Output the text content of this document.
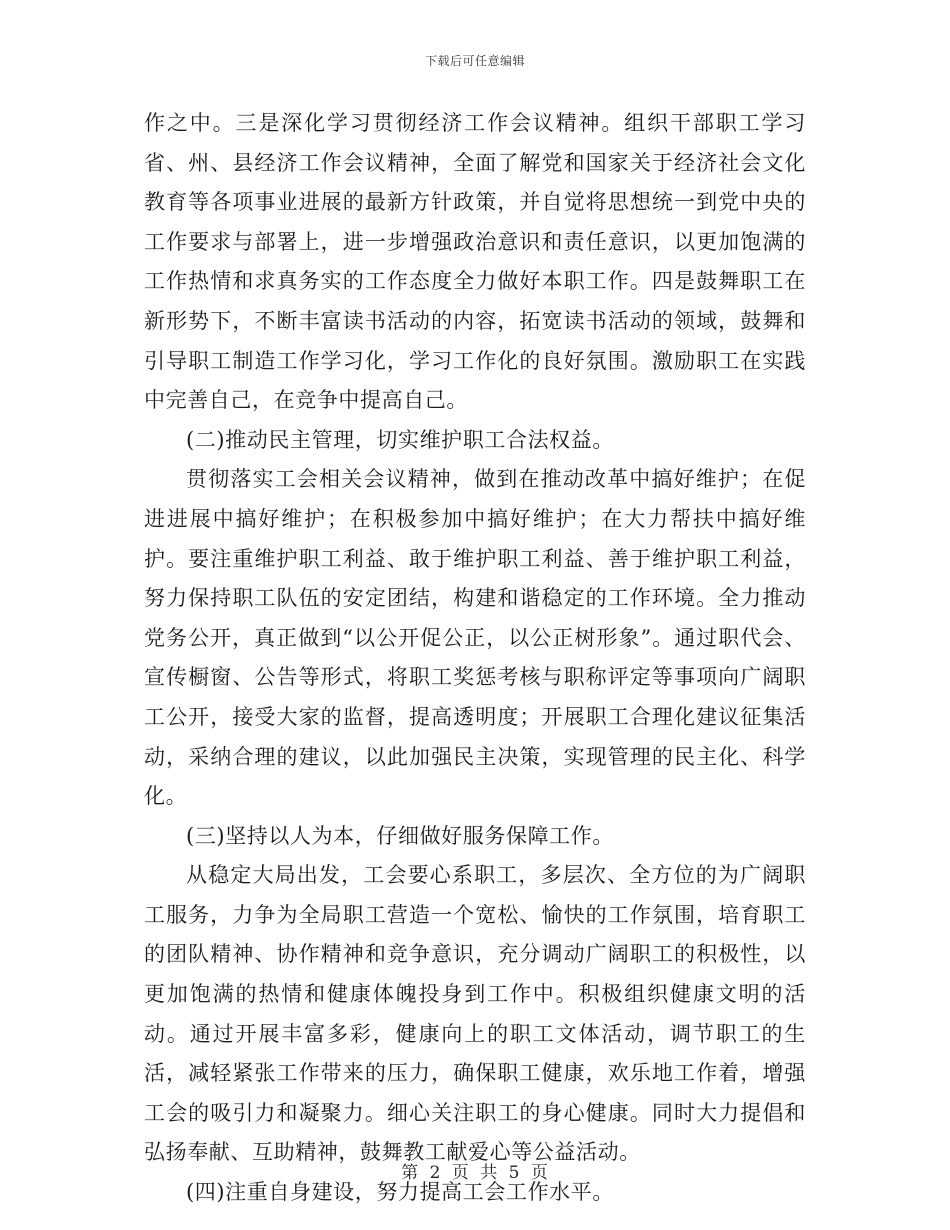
下载后可任意编辑

作之中。三是深化学习贯彻经济工作会议精神。组织干部职工学习省、州、县经济工作会议精神，全面了解党和国家关于经济社会文化教育等各项事业进展的最新方针政策，并自觉将思想统一到党中央的工作要求与部署上，进一步增强政治意识和责任意识，以更加饱满的工作热情和求真务实的工作态度全力做好本职工作。四是鼓舞职工在新形势下，不断丰富读书活动的内容，拓宽读书活动的领域，鼓舞和引导职工制造工作学习化，学习工作化的良好氛围。激励职工在实践中完善自己，在竞争中提高自己。

(二)推动民主管理，切实维护职工合法权益。

贯彻落实工会相关会议精神，做到在推动改革中搞好维护；在促进进展中搞好维护；在积极参加中搞好维护；在大力帮扶中搞好维护。要注重维护职工利益、敢于维护职工利益、善于维护职工利益，努力保持职工队伍的安定团结，构建和谐稳定的工作环境。全力推动党务公开，真正做到“以公开促公正，以公正树形象”。通过职代会、宣传橱窗、公告等形式，将职工奖惩考核与职称评定等事项向广阔职工公开，接受大家的监督，提高透明度；开展职工合理化建议征集活动，采纳合理的建议，以此加强民主决策，实现管理的民主化、科学化。

(三)坚持以人为本，仔细做好服务保障工作。

从稳定大局出发，工会要心系职工，多层次、全方位的为广阔职工服务，力争为全局职工营造一个宽松、愉快的工作氛围，培育职工的团队精神、协作精神和竞争意识，充分调动广阔职工的积极性，以更加饱满的热情和健康体魄投身到工作中。积极组织健康文明的活动。通过开展丰富多彩，健康向上的职工文体活动，调节职工的生活，减轻紧张工作带来的压力，确保职工健康，欢乐地工作着，增强工会的吸引力和凝聚力。细心关注职工的身心健康。同时大力提倡和弘扬奉献、互助精神，鼓舞教工献爱心等公益活动。

(四)注重自身建设，努力提高工会工作水平。

第 2 页 共 5 页
